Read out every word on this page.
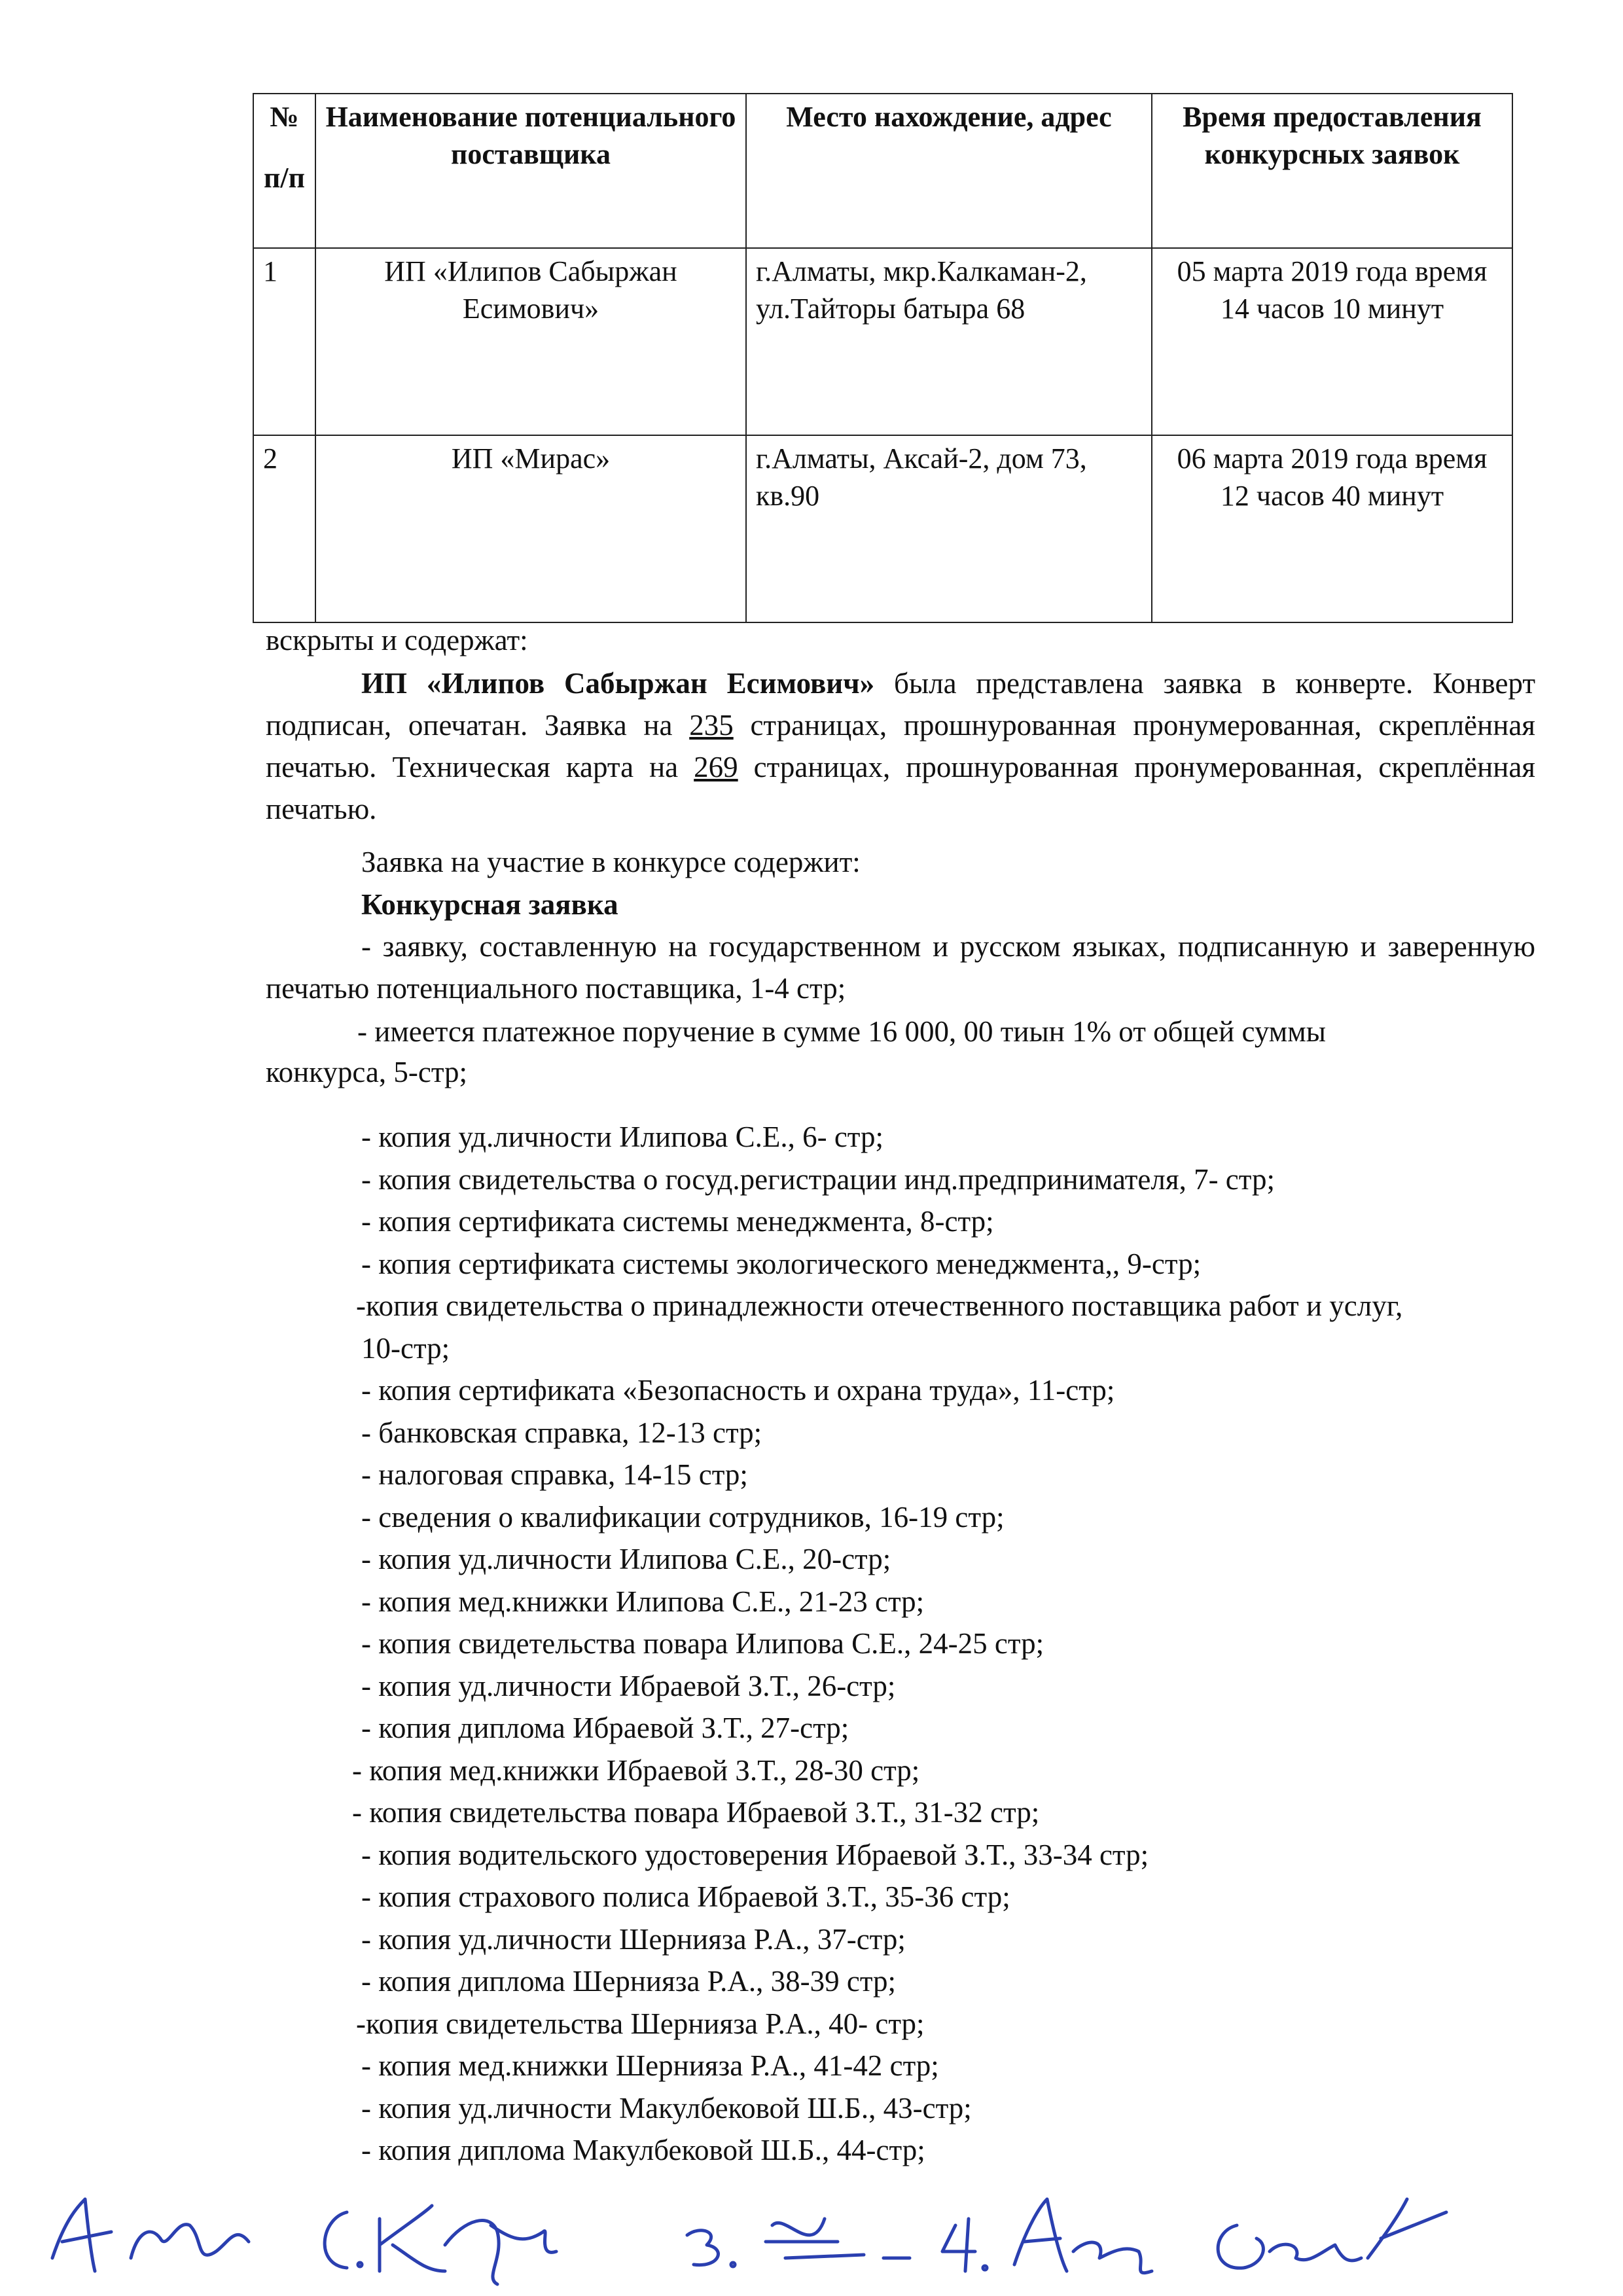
№
п/п	Наименование потенциального поставщика	Место нахождение, адрес	Время предоставления конкурсных заявок
1	ИП «Илипов Сабыржан Есимович»	г.Алматы, мкр.Калкаман-2, ул.Тайторы батыра 68	05 марта 2019 года время 14 часов 10 минут
2	ИП «Мирас»	г.Алматы, Аксай-2, дом 73, кв.90	06 марта 2019 года время 12 часов 40 минут

вскрыты и содержат:

ИП «Илипов Сабыржан Есимович» была представлена заявка в конверте. Конверт подписан, опечатан. Заявка на 235 страницах, прошнурованная пронумерованная, скреплённая печатью. Техническая карта на 269 страницах, прошнурованная пронумерованная, скреплённая печатью.

Заявка на участие в конкурсе содержит:

Конкурсная заявка

- заявку, составленную на государственном и русском языках, подписанную и заверенную печатью потенциального поставщика, 1-4 стр;

- имеется платежное поручение в сумме 16 000, 00 тиын 1% от общей суммы

конкурса, 5-стр;

- копия уд.личности Илипова С.Е., 6- стр;
- копия свидетельства о госуд.регистрации инд.предпринимателя, 7- стр;
- копия сертификата системы менеджмента, 8-стр;
- копия сертификата системы экологического менеджмента,, 9-стр;
-копия свидетельства о принадлежности отечественного поставщика работ и услуг,
10-стр;
- копия сертификата «Безопасность и охрана труда», 11-стр;
- банковская справка, 12-13 стр;
- налоговая справка, 14-15 стр;
- сведения о квалификации сотрудников, 16-19 стр;
- копия уд.личности Илипова С.Е., 20-стр;
- копия мед.книжки Илипова С.Е., 21-23 стр;
- копия свидетельства повара Илипова С.Е., 24-25 стр;
- копия уд.личности Ибраевой З.Т., 26-стр;
- копия диплома Ибраевой З.Т., 27-стр;
- копия мед.книжки Ибраевой З.Т., 28-30 стр;
- копия свидетельства повара Ибраевой З.Т., 31-32 стр;
- копия водительского удостоверения Ибраевой З.Т., 33-34 стр;
- копия страхового полиса Ибраевой З.Т., 35-36 стр;
- копия уд.личности Шернияза Р.А., 37-стр;
- копия диплома Шернияза Р.А., 38-39 стр;
-копия свидетельства Шернияза Р.А., 40- стр;
- копия мед.книжки Шернияза Р.А., 41-42 стр;
- копия уд.личности Макулбековой Ш.Б., 43-стр;
- копия диплома Макулбековой Ш.Б., 44-стр;
